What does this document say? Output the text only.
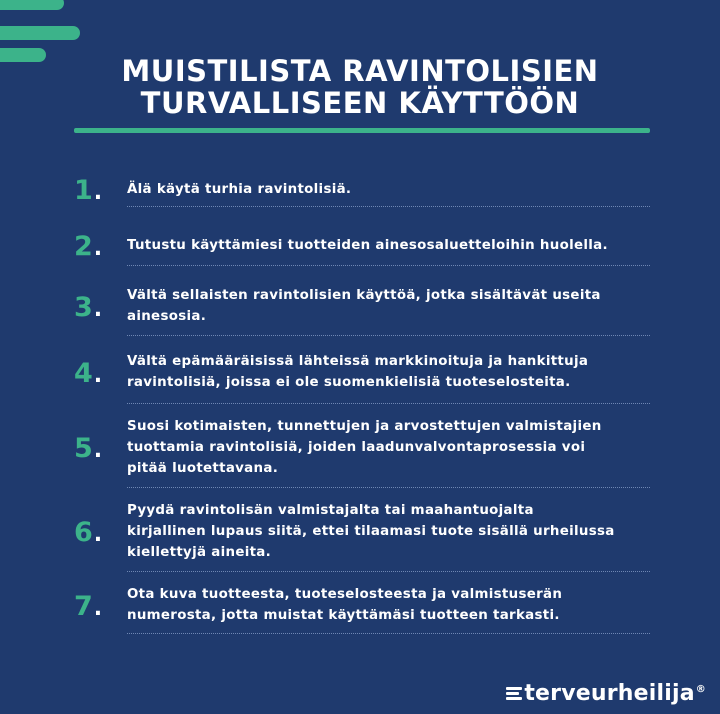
MUISTILISTA RAVINTOLISIEN
TURVALLISEEN KÄYTTÖÖN
1.	Älä käytä turhia ravintolisiä.
2.	Tutustu käyttämiesi tuotteiden ainesosaluetteloihin huolella.
3.
Vältä sellaisten ravintolisien käyttöä, jotka sisältävät useita
ainesosia.
4.
Vältä epämääräisissä lähteissä markkinoituja ja hankittuja
ravintolisiä, joissa ei ole suomenkielisiä tuoteselosteita.
5.
Suosi kotimaisten, tunnettujen ja arvostettujen valmistajien
tuottamia ravintolisiä, joiden laadunvalvontaprosessia voi
pitää luotettavana.
6.
Pyydä ravintolisän valmistajalta tai maahantuojalta
kirjallinen lupaus siitä, ettei tilaamasi tuote sisällä urheilussa
kiellettyjä aineita.
7.
Ota kuva tuotteesta, tuoteselosteesta ja valmistuserän
numerosta, jotta muistat käyttämäsi tuotteen tarkasti.
terveurheilija®
